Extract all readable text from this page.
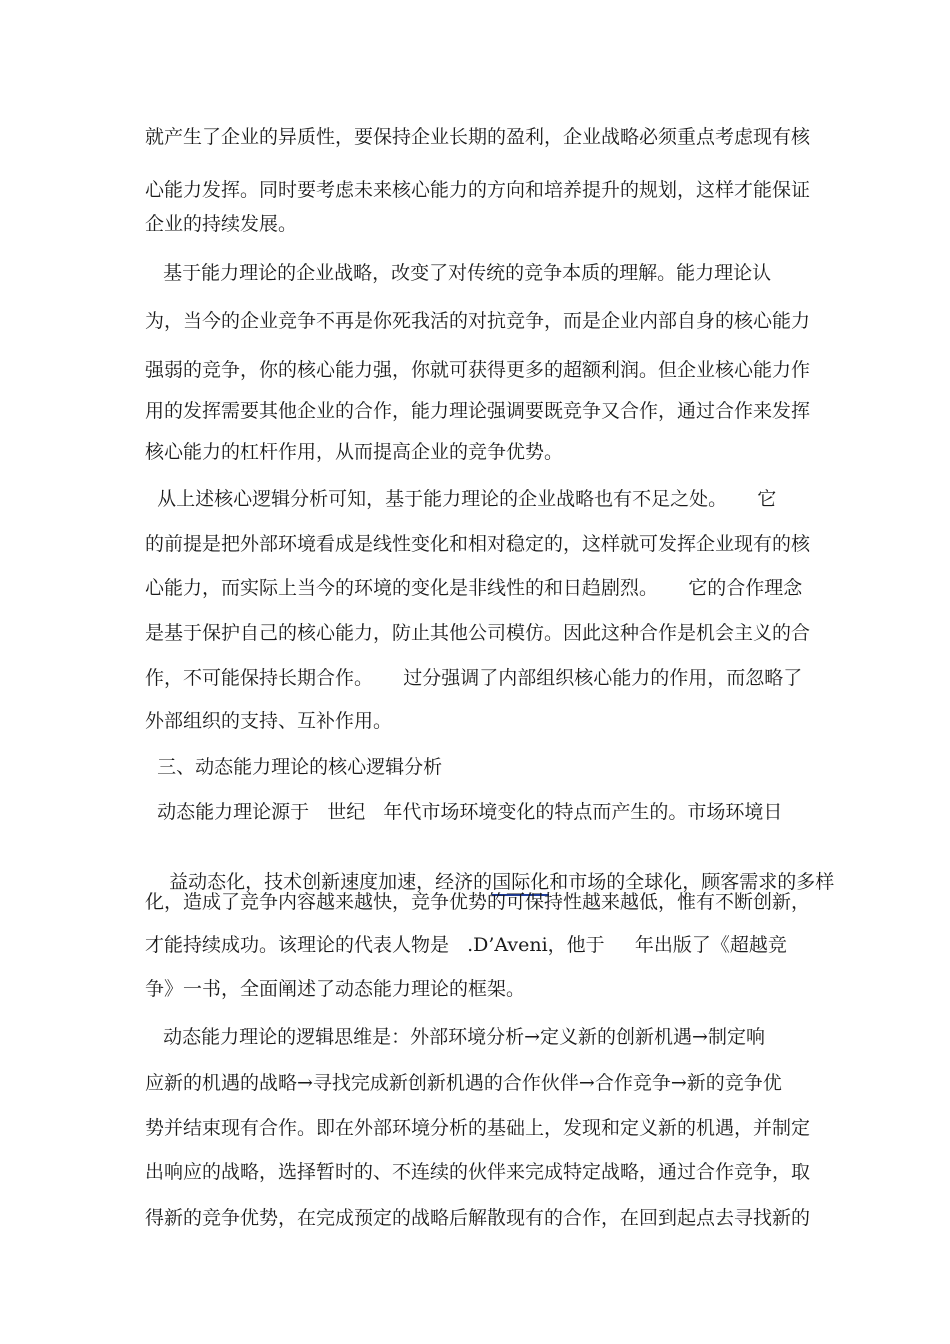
就产生了企业的异质性，要保持企业长期的盈利，企业战略必须重点考虑现有核
心能力发挥。同时要考虑未来核心能力的方向和培养提升的规划，这样才能保证
企业的持续发展。
基于能力理论的企业战略，改变了对传统的竞争本质的理解。能力理论认
为，当今的企业竞争不再是你死我活的对抗竞争，而是企业内部自身的核心能力
强弱的竞争，你的核心能力强，你就可获得更多的超额利润。但企业核心能力作
用的发挥需要其他企业的合作，能力理论强调要既竞争又合作，通过合作来发挥
核心能力的杠杆作用，从而提高企业的竞争优势。
从上述核心逻辑分析可知，基于能力理论的企业战略也有不足之处。     它
的前提是把外部环境看成是线性变化和相对稳定的，这样就可发挥企业现有的核
心能力，而实际上当今的环境的变化是非线性的和日趋剧烈。     它的合作理念
是基于保护自己的核心能力，防止其他公司模仿。因此这种合作是机会主义的合
作，不可能保持长期合作。     过分强调了内部组织核心能力的作用，而忽略了
外部组织的支持、互补作用。
三、动态能力理论的核心逻辑分析
动态能力理论源于   世纪   年代市场环境变化的特点而产生的。市场环境日

益动态化，技术创新速度加速，经济的国际化和市场的全球化，顾客需求的多样

化，造成了竞争内容越来越快，竞争优势的可保持性越来越低，惟有不断创新，
才能持续成功。该理论的代表人物是   .D’Aveni，他于     年出版了《超越竞
争》一书，全面阐述了动态能力理论的框架。
动态能力理论的逻辑思维是：外部环境分析→定义新的创新机遇→制定响
应新的机遇的战略→寻找完成新创新机遇的合作伙伴→合作竞争→新的竞争优
势并结束现有合作。即在外部环境分析的基础上，发现和定义新的机遇，并制定
出响应的战略，选择暂时的、不连续的伙伴来完成特定战略，通过合作竞争，取
得新的竞争优势，在完成预定的战略后解散现有的合作，在回到起点去寻找新的
